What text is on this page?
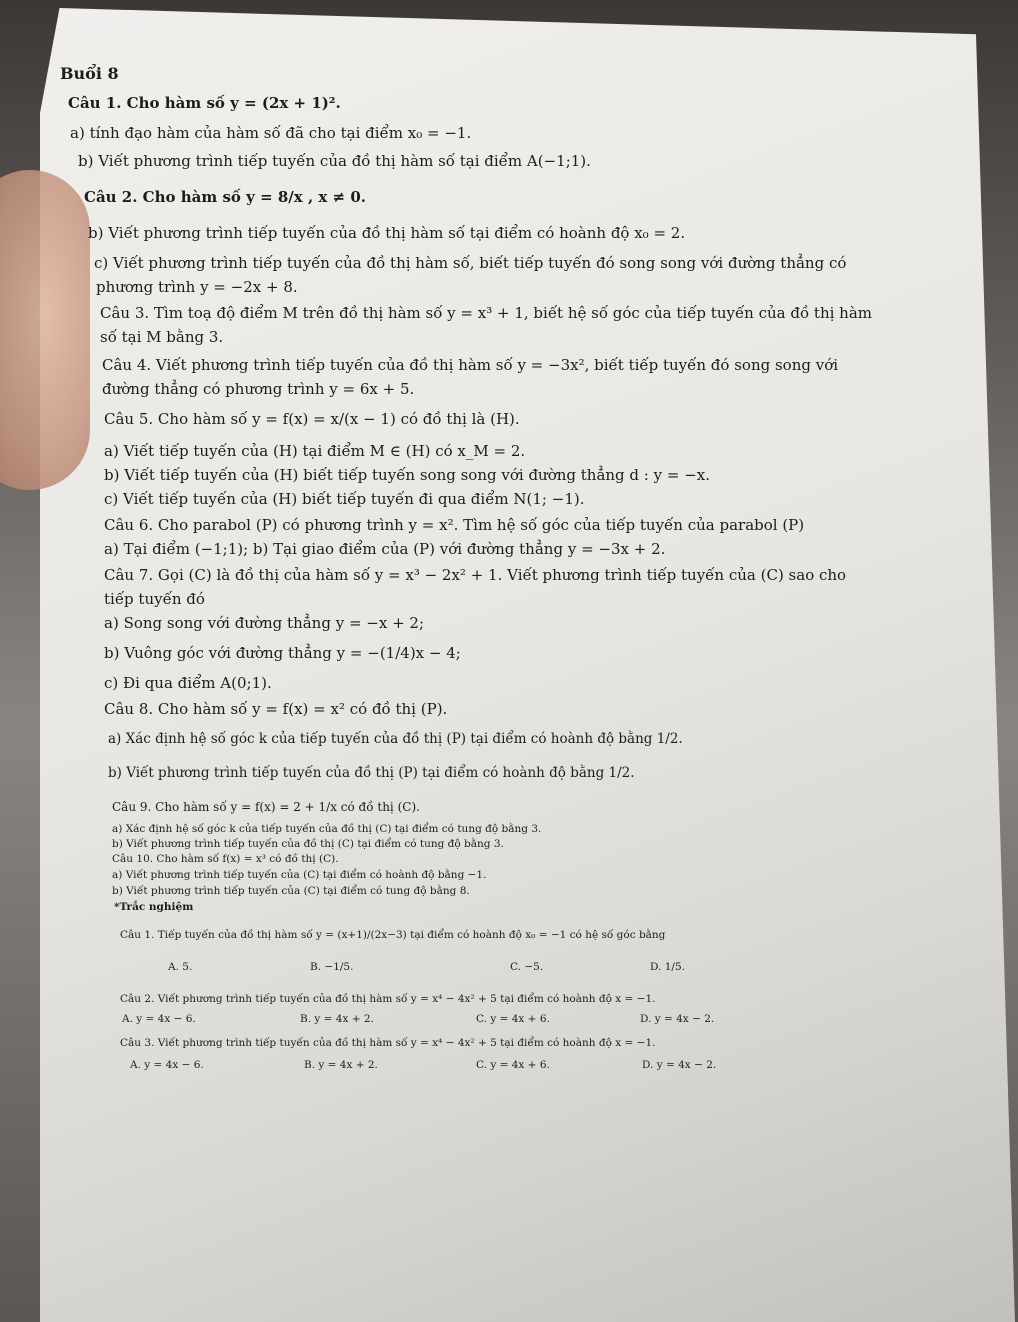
Buổi 8
Câu 1. Cho hàm số y = (2x + 1)².
a) tính đạo hàm của hàm số đã cho tại điểm x₀ = −1.
b) Viết phương trình tiếp tuyến của đồ thị hàm số tại điểm A(−1;1).
Câu 2. Cho hàm số y = 8/x , x ≠ 0.
b) Viết phương trình tiếp tuyến của đồ thị hàm số tại điểm có hoành độ x₀ = 2.
c) Viết phương trình tiếp tuyến của đồ thị hàm số, biết tiếp tuyến đó song song với đường thẳng có
phương trình y = −2x + 8.
Câu 3. Tìm toạ độ điểm M trên đồ thị hàm số y = x³ + 1, biết hệ số góc của tiếp tuyến của đồ thị hàm
số tại M bằng 3.
Câu 4. Viết phương trình tiếp tuyến của đồ thị hàm số y = −3x², biết tiếp tuyến đó song song với
đường thẳng có phương trình y = 6x + 5.
Câu 5. Cho hàm số y = f(x) = x/(x − 1) có đồ thị là (H).
a) Viết tiếp tuyến của (H) tại điểm M ∈ (H) có x_M = 2.
b) Viết tiếp tuyến của (H) biết tiếp tuyến song song với đường thẳng d : y = −x.
c) Viết tiếp tuyến của (H) biết tiếp tuyến đi qua điểm N(1; −1).
Câu 6. Cho parabol (P) có phương trình y = x². Tìm hệ số góc của tiếp tuyến của parabol (P)
a) Tại điểm (−1;1); b) Tại giao điểm của (P) với đường thẳng y = −3x + 2.
Câu 7. Gọi (C) là đồ thị của hàm số y = x³ − 2x² + 1. Viết phương trình tiếp tuyến của (C) sao cho
tiếp tuyến đó
a) Song song với đường thẳng y = −x + 2;
b) Vuông góc với đường thẳng y = −(1/4)x − 4;
c) Đi qua điểm A(0;1).
Câu 8. Cho hàm số y = f(x) = x² có đồ thị (P).
a) Xác định hệ số góc k của tiếp tuyến của đồ thị (P) tại điểm có hoành độ bằng 1/2.
b) Viết phương trình tiếp tuyến của đồ thị (P) tại điểm có hoành độ bằng 1/2.
Câu 9. Cho hàm số y = f(x) = 2 + 1/x có đồ thị (C).
a) Xác định hệ số góc k của tiếp tuyến của đồ thị (C) tại điểm có tung độ bằng 3.
b) Viết phương trình tiếp tuyến của đồ thị (C) tại điểm có tung độ bằng 3.
Câu 10. Cho hàm số f(x) = x³ có đồ thị (C).
a) Viết phương trình tiếp tuyến của (C) tại điểm có hoành độ bằng −1.
b) Viết phương trình tiếp tuyến của (C) tại điểm có tung độ bằng 8.
*Trắc nghiệm
Câu 1. Tiếp tuyến của đồ thị hàm số y = (x+1)/(2x−3) tại điểm có hoành độ x₀ = −1 có hệ số góc bằng
A. 5.	B. −1/5.	C. −5.	D. 1/5.
Câu 2. Viết phương trình tiếp tuyến của đồ thị hàm số y = x⁴ − 4x² + 5 tại điểm có hoành độ x = −1.
A. y = 4x − 6.	B. y = 4x + 2.	C. y = 4x + 6.	D. y = 4x − 2.
Câu 3. Viết phương trình tiếp tuyến của đồ thị hàm số y = x⁴ − 4x² + 5 tại điểm có hoành độ x = −1.
A. y = 4x − 6.	B. y = 4x + 2.	C. y = 4x + 6.	D. y = 4x − 2.
